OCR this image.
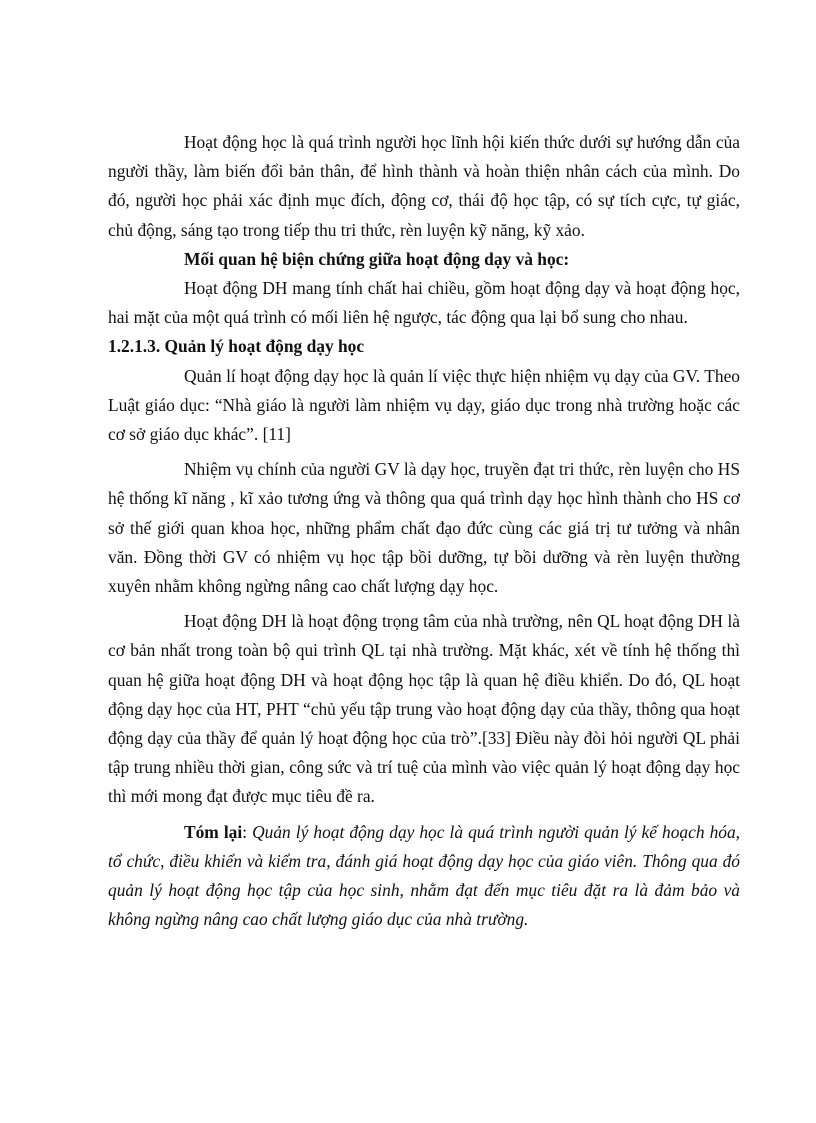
Hoạt động học là quá trình người học lĩnh hội kiến thức dưới sự hướng dẫn của người thầy, làm biến đổi bản thân, để hình thành và hoàn thiện nhân cách của mình. Do đó, người học phải xác định mục đích, động cơ, thái độ học tập, có sự tích cực, tự giác, chủ động, sáng tạo trong tiếp thu tri thức, rèn luyện kỹ năng, kỹ xảo.

Mối quan hệ biện chứng giữa hoạt động dạy và học:

Hoạt động DH mang tính chất hai chiều, gồm hoạt động dạy và hoạt động học, hai mặt của một quá trình có mối liên hệ ngược, tác động qua lại bổ sung cho nhau.

1.2.1.3. Quản lý hoạt động dạy học

Quản lí hoạt động dạy học là quản lí việc thực hiện nhiệm vụ dạy của GV. Theo Luật giáo dục: “Nhà giáo là người làm nhiệm vụ dạy, giáo dục trong nhà trường hoặc các cơ sở giáo dục khác”. [11]

Nhiệm vụ chính của người GV là dạy học, truyền đạt tri thức, rèn luyện cho HS hệ thống kĩ năng , kĩ xảo tương ứng và thông qua quá trình dạy học hình thành cho HS cơ sở thế giới quan khoa học, những phẩm chất đạo đức cùng các giá trị tư tưởng và nhân văn. Đồng thời GV có nhiệm vụ học tập bồi dưỡng, tự bồi dưỡng và rèn luyện thường xuyên nhằm không ngừng nâng cao chất lượng dạy học.

Hoạt động DH là hoạt động trọng tâm của nhà trường, nên QL hoạt động DH là cơ bản nhất trong toàn bộ qui trình QL tại nhà trường. Mặt khác, xét về tính hệ thống thì quan hệ giữa hoạt động DH và hoạt động học tập là quan hệ điều khiển. Do đó, QL hoạt động dạy học của HT, PHT “chủ yếu tập trung vào hoạt động dạy của thầy, thông qua hoạt động dạy của thầy để quản lý hoạt động học của trò”.[33] Điều này đòi hỏi người QL phải tập trung nhiều thời gian, công sức và trí tuệ của mình vào việc quản lý hoạt động dạy học thì mới mong đạt được mục tiêu đề ra.

Tóm lại: Quản lý hoạt động dạy học là quá trình người quản lý kế hoạch hóa, tổ chức, điều khiển và kiểm tra, đánh giá hoạt động dạy học của giáo viên. Thông qua đó quản lý hoạt động học tập của học sinh, nhằm đạt đến mục tiêu đặt ra là đảm bảo và không ngừng nâng cao chất lượng giáo dục của nhà trường.
